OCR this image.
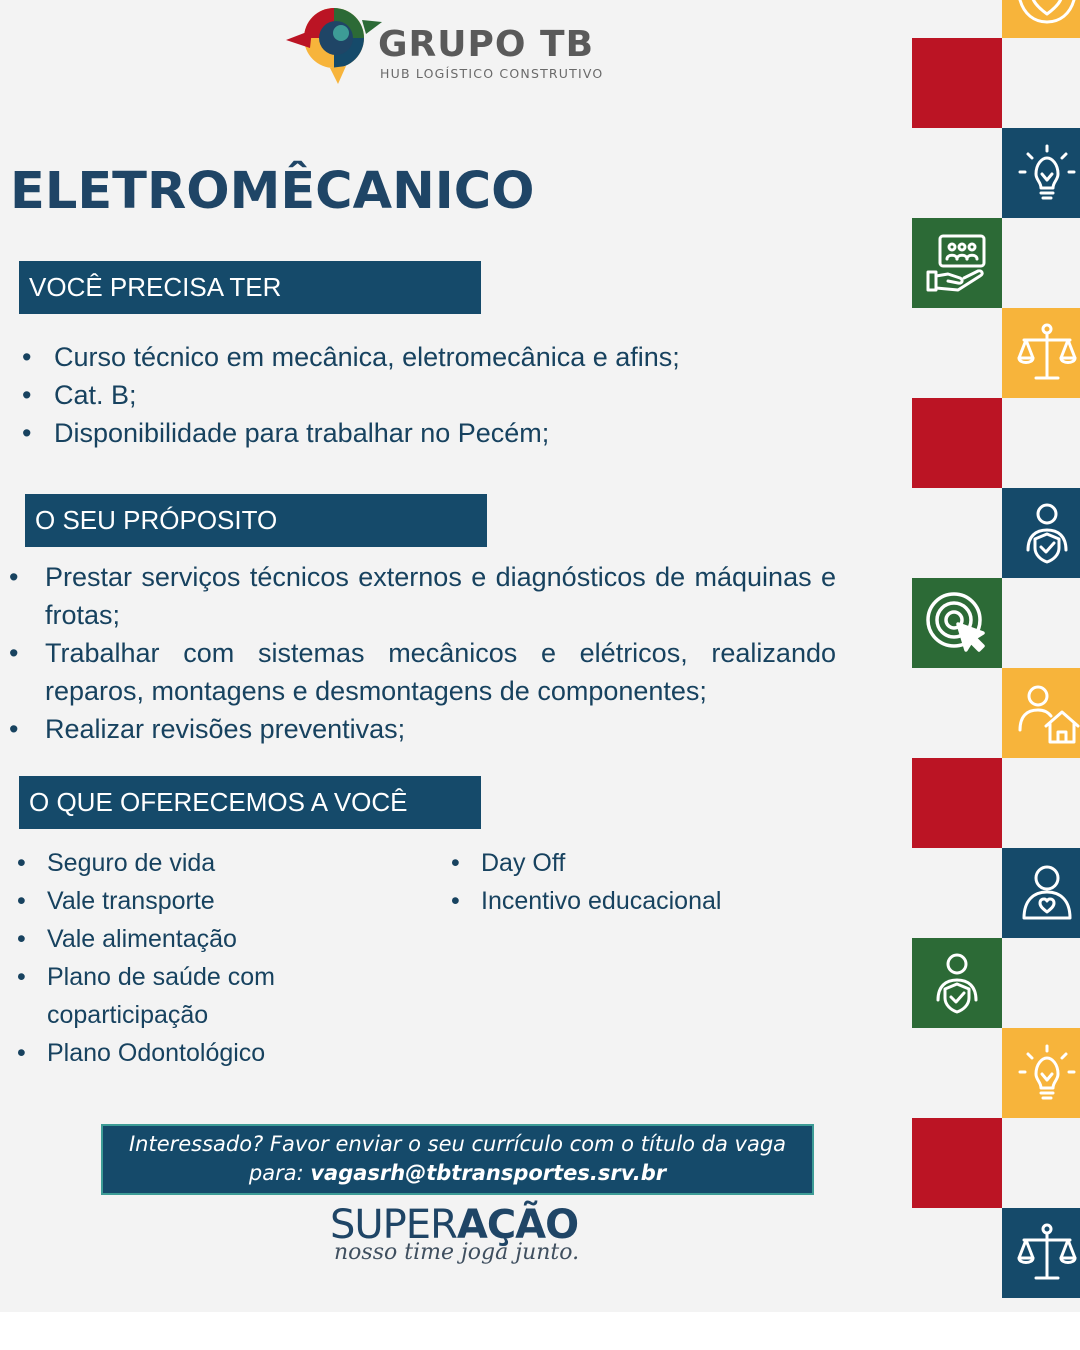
GRUPO TB
HUB LOGÍSTICO CONSTRUTIVO
ELETROMÊCANICO
VOCÊ PRECISA TER
• Curso técnico em mecânica, eletromecânica e afins;
• Cat. B;
• Disponibilidade para trabalhar no Pecém;
O SEU PRÓPOSITO
• Prestar serviços técnicos externos e diagnósticos de máquinas e frotas;
• Trabalhar com sistemas mecânicos e elétricos, realizando reparos, montagens e desmontagens de componentes;
• Realizar revisões preventivas;
O QUE OFERECEMOS A VOCÊ
• Seguro de vida
• Vale transporte
• Vale alimentação
• Plano de saúde com coparticipação
• Plano Odontológico
• Day Off
• Incentivo educacional
Interessado? Favor enviar o seu currículo com o título da vaga
para: vagasrh@tbtransportes.srv.br
SUPERAÇÃO
nosso time joga junto.
